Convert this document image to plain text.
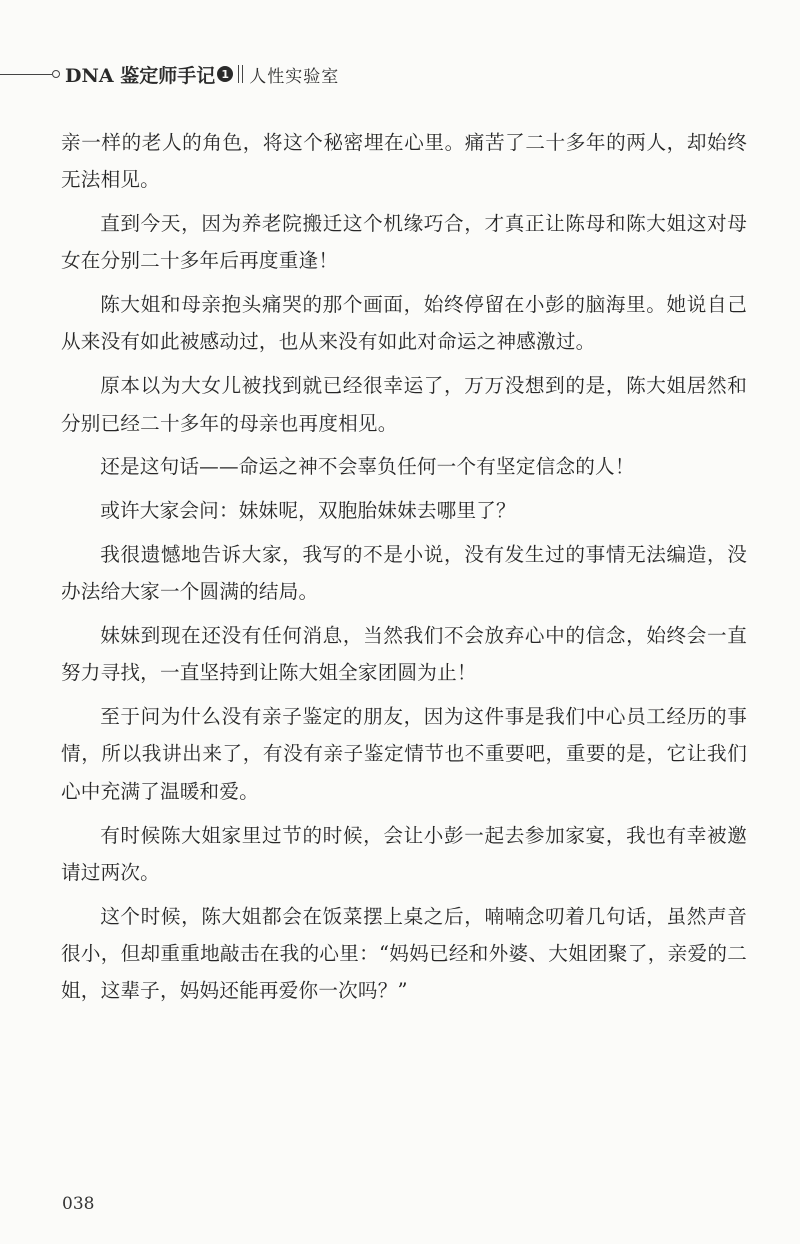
DNA 鉴定师手记 1 人性实验室

亲一样的老人的角色，将这个秘密埋在心里。痛苦了二十多年的两人，却始终无法相见。

直到今天，因为养老院搬迁这个机缘巧合，才真正让陈母和陈大姐这对母女在分别二十多年后再度重逢！

陈大姐和母亲抱头痛哭的那个画面，始终停留在小彭的脑海里。她说自己从来没有如此被感动过，也从来没有如此对命运之神感激过。

原本以为大女儿被找到就已经很幸运了，万万没想到的是，陈大姐居然和分别已经二十多年的母亲也再度相见。

还是这句话——命运之神不会辜负任何一个有坚定信念的人！

或许大家会问：妹妹呢，双胞胎妹妹去哪里了？

我很遗憾地告诉大家，我写的不是小说，没有发生过的事情无法编造，没办法给大家一个圆满的结局。

妹妹到现在还没有任何消息，当然我们不会放弃心中的信念，始终会一直努力寻找，一直坚持到让陈大姐全家团圆为止！

至于问为什么没有亲子鉴定的朋友，因为这件事是我们中心员工经历的事情，所以我讲出来了，有没有亲子鉴定情节也不重要吧，重要的是，它让我们心中充满了温暖和爱。

有时候陈大姐家里过节的时候，会让小彭一起去参加家宴，我也有幸被邀请过两次。

这个时候，陈大姐都会在饭菜摆上桌之后，喃喃念叨着几句话，虽然声音很小，但却重重地敲击在我的心里：“妈妈已经和外婆、大姐团聚了，亲爱的二姐，这辈子，妈妈还能再爱你一次吗？”

038
